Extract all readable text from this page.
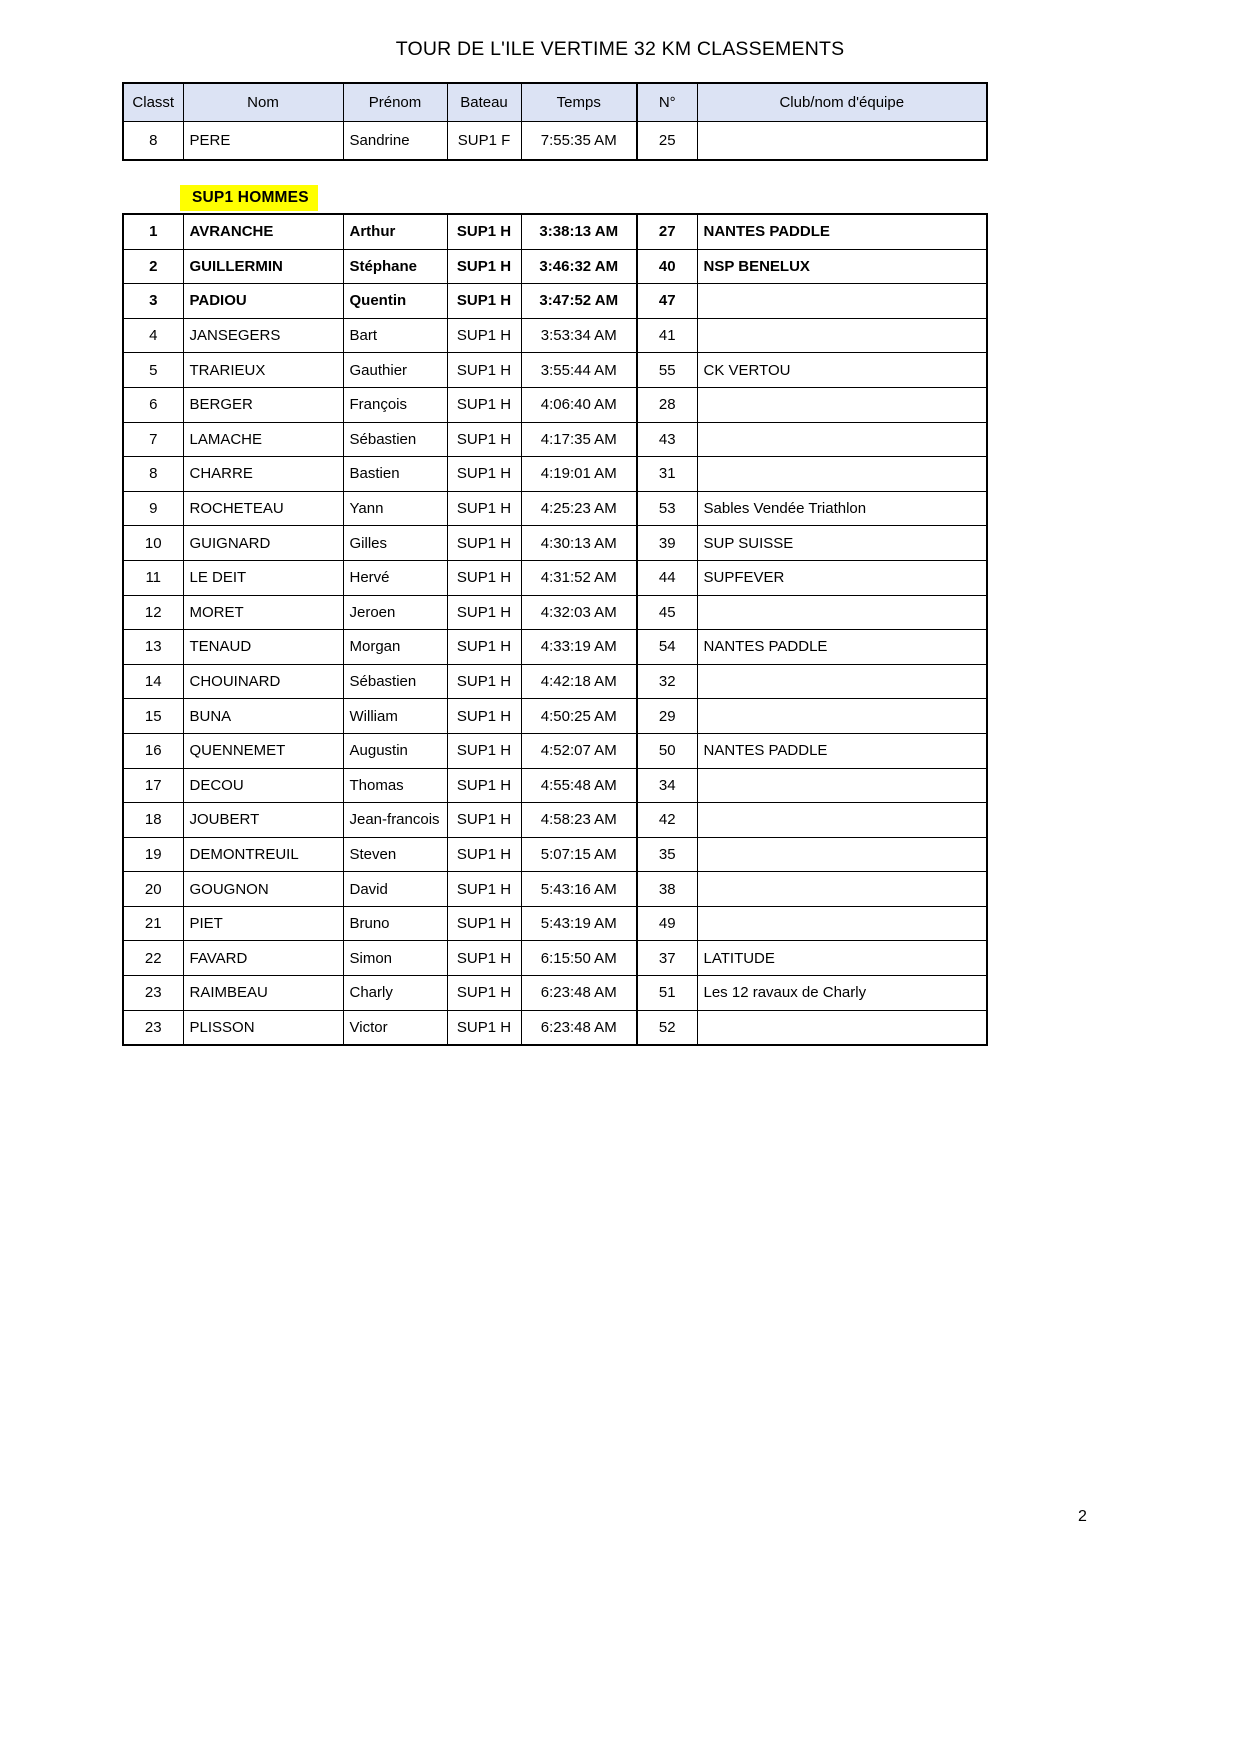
TOUR DE L'ILE VERTIME 32 KM CLASSEMENTS
Classt	Nom	Prénom	Bateau	Temps	N°	Club/nom d'équipe
8	PERE	Sandrine	SUP1 F	7:55:35 AM	25	
SUP1 HOMMES
1	AVRANCHE	Arthur	SUP1 H	3:38:13 AM	27	NANTES PADDLE
2	GUILLERMIN	Stéphane	SUP1 H	3:46:32 AM	40	NSP BENELUX
3	PADIOU	Quentin	SUP1 H	3:47:52 AM	47	
4	JANSEGERS	Bart	SUP1 H	3:53:34 AM	41	
5	TRARIEUX	Gauthier	SUP1 H	3:55:44 AM	55	CK VERTOU
6	BERGER	François	SUP1 H	4:06:40 AM	28	
7	LAMACHE	Sébastien	SUP1 H	4:17:35 AM	43	
8	CHARRE	Bastien	SUP1 H	4:19:01 AM	31	
9	ROCHETEAU	Yann	SUP1 H	4:25:23 AM	53	Sables Vendée Triathlon
10	GUIGNARD	Gilles	SUP1 H	4:30:13 AM	39	SUP SUISSE
11	LE DEIT	Hervé	SUP1 H	4:31:52 AM	44	SUPFEVER
12	MORET	Jeroen	SUP1 H	4:32:03 AM	45	
13	TENAUD	Morgan	SUP1 H	4:33:19 AM	54	NANTES PADDLE
14	CHOUINARD	Sébastien	SUP1 H	4:42:18 AM	32	
15	BUNA	William	SUP1 H	4:50:25 AM	29	
16	QUENNEMET	Augustin	SUP1 H	4:52:07 AM	50	NANTES PADDLE
17	DECOU	Thomas	SUP1 H	4:55:48 AM	34	
18	JOUBERT	Jean-francois	SUP1 H	4:58:23 AM	42	
19	DEMONTREUIL	Steven	SUP1 H	5:07:15 AM	35	
20	GOUGNON	David	SUP1 H	5:43:16 AM	38	
21	PIET	Bruno	SUP1 H	5:43:19 AM	49	
22	FAVARD	Simon	SUP1 H	6:15:50 AM	37	LATITUDE
23	RAIMBEAU	Charly	SUP1 H	6:23:48 AM	51	Les 12 ravaux de Charly
23	PLISSON	Victor	SUP1 H	6:23:48 AM	52	
2
